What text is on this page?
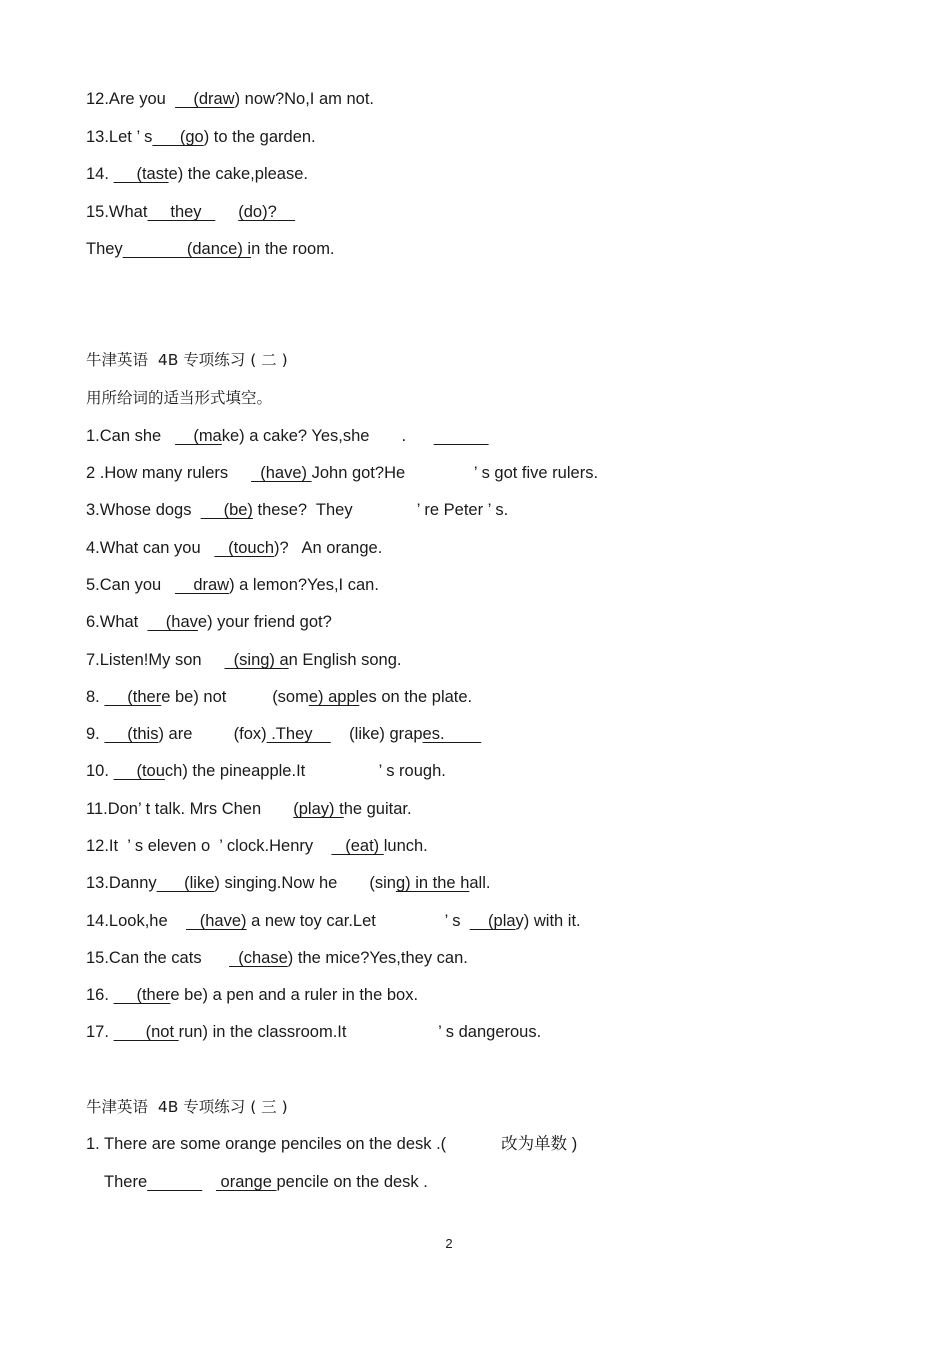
12.Are you      (draw) now?No,I am not.
13.Let ’ s      (go) to the garden.
14.      (taste) the cake,please.
15.What     they        (do)?
They              (dance) in the room.
牛津英语  4B 专项练习 ( 二 )
用所给词的适当形式填空。
1.Can she       (make) a cake? Yes,she       .
2 .How many rulers       (have) John got?He               ’ s got five rulers.
3.Whose dogs       (be) these?  They              ’ re Peter ’ s.
4.What can you      (touch)?   An orange.
5.Can you       draw) a lemon?Yes,I can.
6.What      (have) your friend got?
7.Listen!My son       (sing) an English song.
8.      (there be) not          (some) apples on the plate.
9.      (this) are         (fox) .They        (like) grapes.
10.      (touch) the pineapple.It                ’ s rough.
11.Don’ t talk. Mrs Chen       (play) the guitar.
12.It  ’ s eleven o  ’ clock.Henry       (eat) lunch.
13.Danny      (like) singing.Now he       (sing) in the hall.
14.Look,he       (have) a new toy car.Let               ’ s      (play) with it.
15.Can the cats        (chase) the mice?Yes,they can.
16.      (there be) a pen and a ruler in the box.
17.        (not run) in the classroom.It                    ’ s dangerous.
牛津英语  4B 专项练习 ( 三 )
1. There are some orange penciles on the desk .(            改为单数 )
There	orange pencile on the desk .
2
